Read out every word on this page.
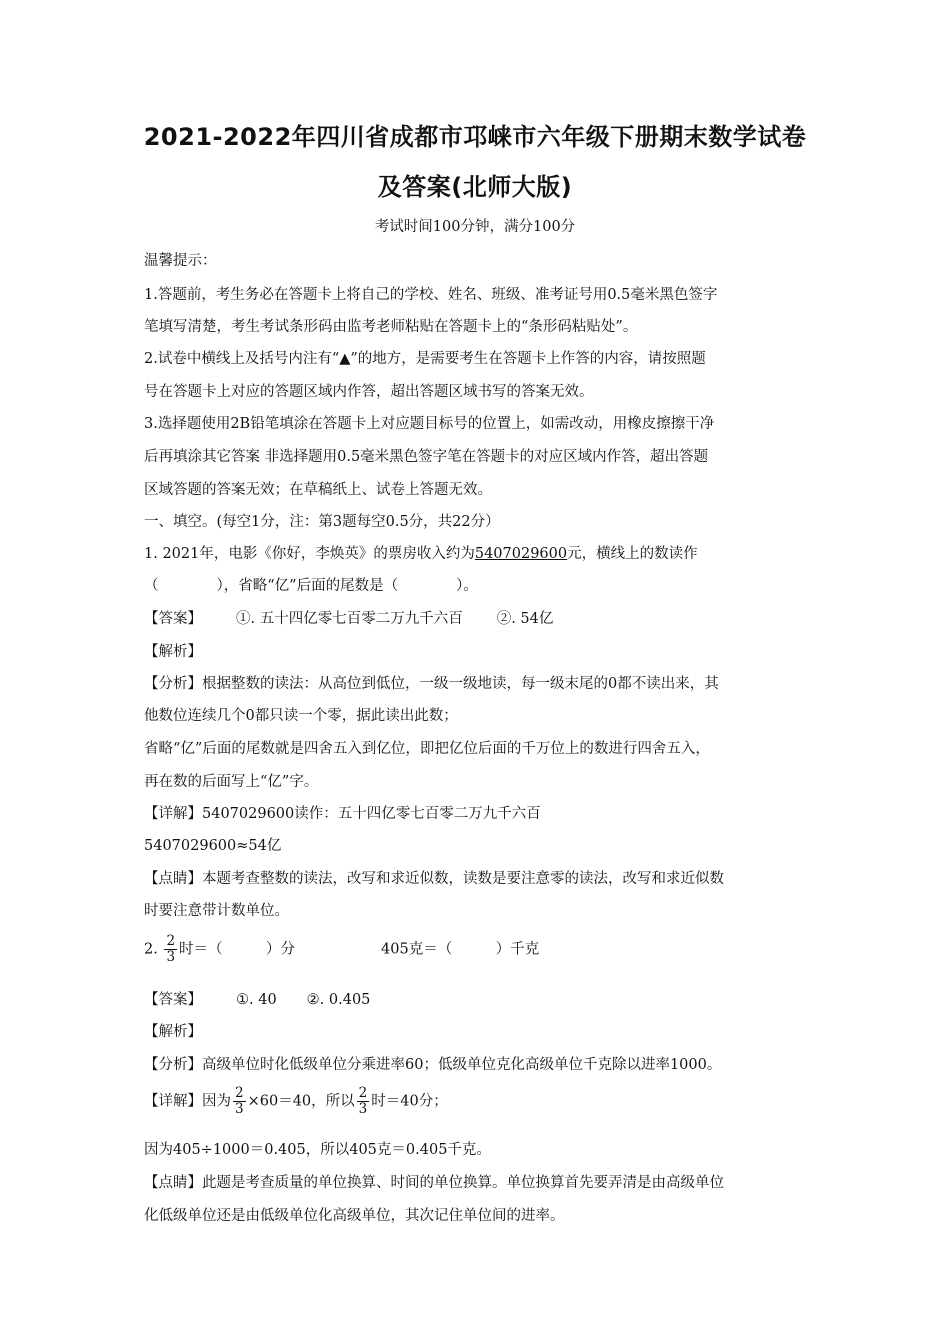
2021-2022年四川省成都市邛崃市六年级下册期末数学试卷
及答案(北师大版)
考试时间100分钟，满分100分
温馨提示：
1.答题前，考生务必在答题卡上将自己的学校、姓名、班级、准考证号用0.5毫米黑色签字
笔填写清楚，考生考试条形码由监考老师粘贴在答题卡上的“条形码粘贴处”。
2.试卷中横线上及括号内注有“▲”的地方，是需要考生在答题卡上作答的内容，请按照题
号在答题卡上对应的答题区域内作答，超出答题区域书写的答案无效。
3.选择题使用2B铅笔填涂在答题卡上对应题目标号的位置上，如需改动，用橡皮擦擦干净
后再填涂其它答案 非选择题用0.5毫米黑色签字笔在答题卡的对应区域内作答，超出答题
区域答题的答案无效；在草稿纸上、试卷上答题无效。
一、填空。(每空1分，注：第3题每空0.5分，共22分）
1. 2021年，电影《你好，李焕英》的票房收入约为5407029600元，横线上的数读作
（　　　　），省略“亿”后面的尾数是（　　　　）。
【答案】 ①. 五十四亿零七百零二万九千六百 ②. 54亿
【解析】
【分析】根据整数的读法：从高位到低位，一级一级地读，每一级末尾的0都不读出来，其
他数位连续几个0都只读一个零，据此读出此数；
省略“亿”后面的尾数就是四舍五入到亿位，即把亿位后面的千万位上的数进行四舍五入，
再在数的后面写上“亿”字。
【详解】5407029600读作：五十四亿零七百零二万九千六百
5407029600≈54亿
【点睛】本题考查整数的读法，改写和求近似数，读数是要注意零的读法，改写和求近似数
时要注意带计数单位。
2. $\frac{2}{3}$ 时＝（　　　）分	405克＝（　　　）千克
【答案】 ①. 40 ②. 0.405
【解析】
【分析】高级单位时化低级单位分乘进率60；低级单位克化高级单位千克除以进率1000。
【详解】因为 $\frac{2}{3} \times 60=40$，所以 $\frac{2}{3}$ 时＝40分；
因为405÷1000＝0.405，所以405克＝0.405千克。
【点睛】此题是考查质量的单位换算、时间的单位换算。单位换算首先要弄清是由高级单位
化低级单位还是由低级单位化高级单位，其次记住单位间的进率。
